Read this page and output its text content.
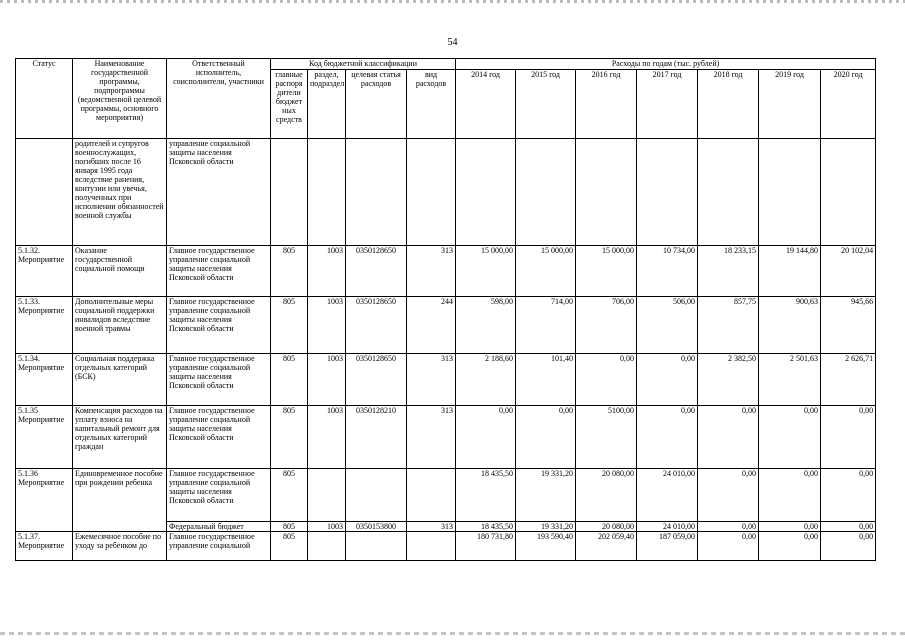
54
Статус	Наименование государственной программы, подпрограммы (ведомственной целевой программы, основного мероприятия)	Ответственный исполнитель, соисполнители, участники	Код бюджетной классификации				Расходы по годам (тыс. рублей)						
			главные распоря дители бюджет ных средств	раздел, подраздел	целевая статья расходов	вид расходов	2014 год	2015 год	2016 год	2017 год	2018 год	2019 год	2020 год
	родителей и супругов военнослужащих, погибших после 16 января 1995 года вследствие ранения, контузии или увечья, полученных при исполнении обязанностей военной службы	управление социальной защиты населения Псковской области											
5.1.32. Мероприятие	Оказание государственной социальной помощи	Главное государственное управление социальной защиты населения Псковской области	805	1003	0350128650	313	15 000,00	15 000,00	15 000,00	10 734,00	18 233,15	19 144,80	20 102,04
5.1.33. Мероприятие	Дополнительные меры социальной поддержки инвалидов вследствие военной травмы	Главное государственное управление социальной защиты населения Псковской области	805	1003	0350128650	244	598,00	714,00	706,00	506,00	857,75	900,63	945,66
5.1.34. Мероприятие	Социальная поддержка отдельных категорий (БСК)	Главное государственное управление социальной защиты населения Псковской области	805	1003	0350128650	313	2 188,60	101,40	0,00	0,00	2 382,50	2 501,63	2 626,71
5.1.35 Мероприятие	Компенсация расходов на уплату взноса на капитальный ремонт для отдельных категорий граждан	Главное государственное управление социальной защиты населения Псковской области	805	1003	0350128210	313	0,00	0,00	5100,00	0,00	0,00	0,00	0,00
5.1.36 Мероприятие	Единовременное пособие при рождении ребенка	Главное государственное управление социальной защиты населения Псковской области	805				18 435,50	19 331,20	20 080,00	24 010,00	0,00	0,00	0,00
		Федеральный бюджет	805	1003	0350153800	313	18 435,50	19 331,20	20 080,00	24 010,00	0,00	0,00	0,00
5.1.37. Мероприятие	Ежемесячное пособие по уходу за ребенком до	Главное государственное управление социальной	805				180 731,80	193 590,40	202 059,40	187 059,00	0,00	0,00	0,00
